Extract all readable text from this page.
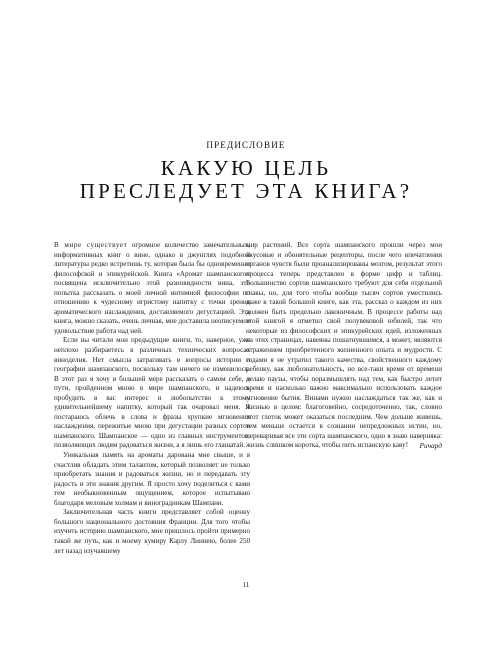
ПРЕДИСЛОВИЕ
КАКУЮ ЦЕЛЬ
ПРЕСЛЕДУЕТ ЭТА КНИГА?

В мире существует огромное количество замечательных, информативных книг о вине, однако в джунглях подобной литературы редко встретишь ту, которая была бы одновременно философской и эпикурейской. Книга «Аромат шампанского» посвящена исключительно этой разновидности вина, это попытка рассказать о моей личной интимной философии по отношению к чудесному игристому напитку с точки зрения ароматического наслаждения, доставляемого дегустацией. Эта книга, можно сказать, очень личная, мне доставила неописуемое удовольствие работа над ней.

Если вы читали мои предыдущие книги, то, наверное, уже неплохо разбираетесь в различных технических вопросах виноделия. Нет смысла затрагивать в вопросы истории и географии шампанского, поскольку там ничего не изменилось. В этот раз я хочу в большей мере рассказать о самом себе, о пути, пройденном мною в мире шампанского, и надеюсь пробудить в вас интерес и любопытство к этому удивительнейшему напитку, который так очаровал меня. Я постараюсь облечь в слова и фразы хрупкие мгновения наслаждения, пережитые мною при дегустации разных сортов шампанского. Шампанское — одно из главных инструментов, позволяющих людям радоваться жизни, а я лишь его глашатай.

Уникальная память на ароматы дарована мне свыше, и я счастлив обладать этим талантом, который позволяет не только приобретать знания и радоваться жизни, но и передавать эту радость и эти знания другим. Я просто хочу поделиться с вами тем необыкновенным ощущением, которое испытываю благодаря меловым холмам и виноградникам Шампани.

Заключительная часть книги представляет собой оценку большого национального достояния Франции. Для того чтобы изучить историю шампанского, мне пришлось пройти примерно такой же путь, как и моему кумиру Карлу Линнею, более 250 лет назад изучавшему

мир растений. Все сорта шампанского прошли через мои вкусовые и обонятельные рецепторы, после чего впечатления органов чувств были проанализированы мозгом, результат этого процесса теперь представлен в форме цифр и таблиц. Большинство сортов шампанского требуют для себя отдельной главы, но, для того чтобы вообще тысяч сортов уместились даже в такой большой книге, как эта, рассказ о каждом из них должен быть предельно лаконичным. В процессе работы над этой книгой я отметил свой полувековой юбилей, так что некоторые из философских и эпикурейских идей, изложенных на этих страницах, навеяны пошатнувшимся, а может, являются отражением приобретенного жизненного опыта и мудрости. С годами я не утратил такого качества, свойственного каждому ребенку, как любознательность, но все-таки время от времени делаю паузы, чтобы поразмышлять над тем, как быстро летит время и насколько важно максимально использовать каждое мгновение бытия. Винами нужно наслаждаться так же, как и жизнью в целом: благоговейно, сосредоточенно, так, словно этот глоток может оказаться последним. Чем дольше живешь, тем меньше остается в сознании непредложных истин, но, переваривая все эти сорта шампанского, одно я знаю наверняка: жизнь слишком коротка, чтобы пить испанскую каву!	Ричард
11
